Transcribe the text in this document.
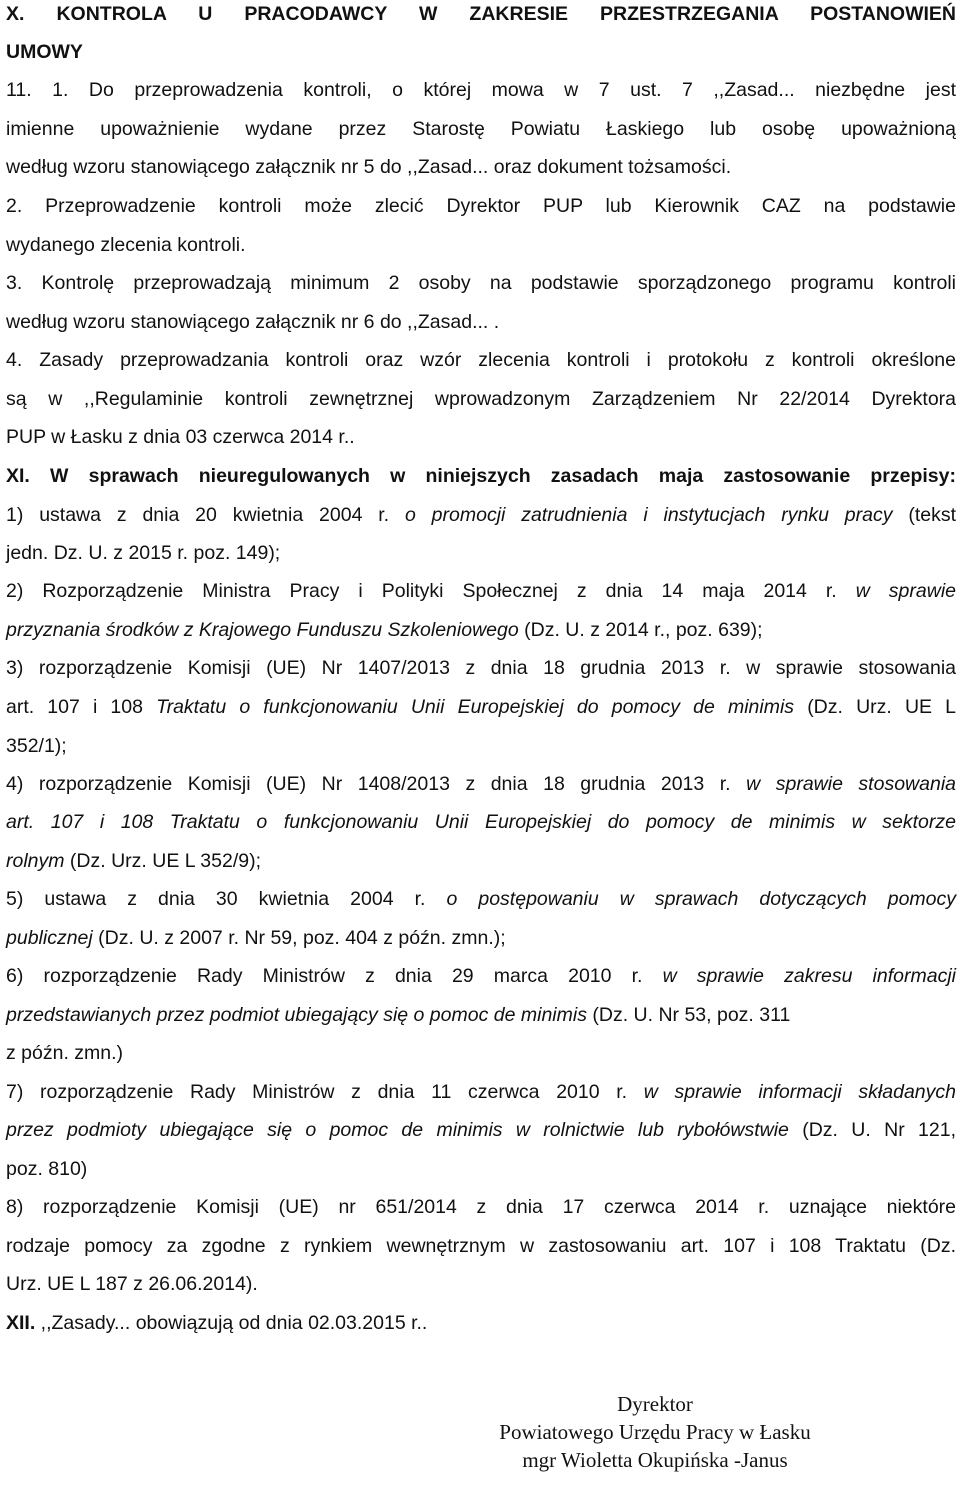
X. KONTROLA U PRACODAWCY W ZAKRESIE PRZESTRZEGANIA POSTANOWIEŃ
UMOWY
11. 1. Do przeprowadzenia kontroli, o której mowa w 7 ust. 7 ,,Zasad... niezbędne jest
imienne upoważnienie wydane przez Starostę Powiatu Łaskiego lub osobę upoważnioną
według wzoru stanowiącego załącznik nr 5 do ,,Zasad... oraz dokument tożsamości.
2. Przeprowadzenie kontroli może zlecić Dyrektor PUP lub Kierownik CAZ na podstawie
wydanego zlecenia kontroli.
3. Kontrolę przeprowadzają minimum 2 osoby na podstawie sporządzonego programu kontroli
według wzoru stanowiącego załącznik nr 6 do ,,Zasad... .
4. Zasady przeprowadzania kontroli oraz wzór zlecenia kontroli i protokołu z kontroli określone
są w ,,Regulaminie kontroli zewnętrznej wprowadzonym Zarządzeniem Nr 22/2014 Dyrektora
PUP w Łasku z dnia 03 czerwca 2014 r..
XI. W sprawach nieuregulowanych w niniejszych zasadach maja zastosowanie przepisy:
1) ustawa z dnia 20 kwietnia 2004 r. o promocji zatrudnienia i instytucjach rynku pracy (tekst
jedn. Dz. U. z 2015 r. poz. 149);
2) Rozporządzenie Ministra Pracy i Polityki Społecznej z dnia 14 maja 2014 r. w sprawie
przyznania środków z Krajowego Funduszu Szkoleniowego (Dz. U. z 2014 r., poz. 639);
3) rozporządzenie Komisji (UE) Nr 1407/2013 z dnia 18 grudnia 2013 r. w sprawie stosowania
art. 107 i 108 Traktatu o funkcjonowaniu Unii Europejskiej do pomocy de minimis (Dz. Urz. UE L
352/1);
4) rozporządzenie Komisji (UE) Nr 1408/2013 z dnia 18 grudnia 2013 r. w sprawie stosowania
art. 107 i 108 Traktatu o funkcjonowaniu Unii Europejskiej do pomocy de minimis w sektorze
rolnym (Dz. Urz. UE L 352/9);
5) ustawa z dnia 30 kwietnia 2004 r. o postępowaniu w sprawach dotyczących pomocy
publicznej (Dz. U. z 2007 r. Nr 59, poz. 404 z późn. zmn.);
6) rozporządzenie Rady Ministrów z dnia 29 marca 2010 r. w sprawie zakresu informacji
przedstawianych przez podmiot ubiegający się o pomoc de minimis (Dz. U. Nr 53, poz. 311
z późn. zmn.)
7) rozporządzenie Rady Ministrów z dnia 11 czerwca 2010 r. w sprawie informacji składanych
przez podmioty ubiegające się o pomoc de minimis w rolnictwie lub rybołówstwie (Dz. U. Nr 121,
poz. 810)
8) rozporządzenie Komisji (UE) nr 651/2014 z dnia 17 czerwca 2014 r. uznające niektóre
rodzaje pomocy za zgodne z rynkiem wewnętrznym w zastosowaniu art. 107 i 108 Traktatu (Dz.
Urz. UE L 187 z 26.06.2014).
XII. ,,Zasady... obowiązują od dnia 02.03.2015 r..
Dyrektor
Powiatowego Urzędu Pracy w Łasku
mgr Wioletta Okupińska -Janus
